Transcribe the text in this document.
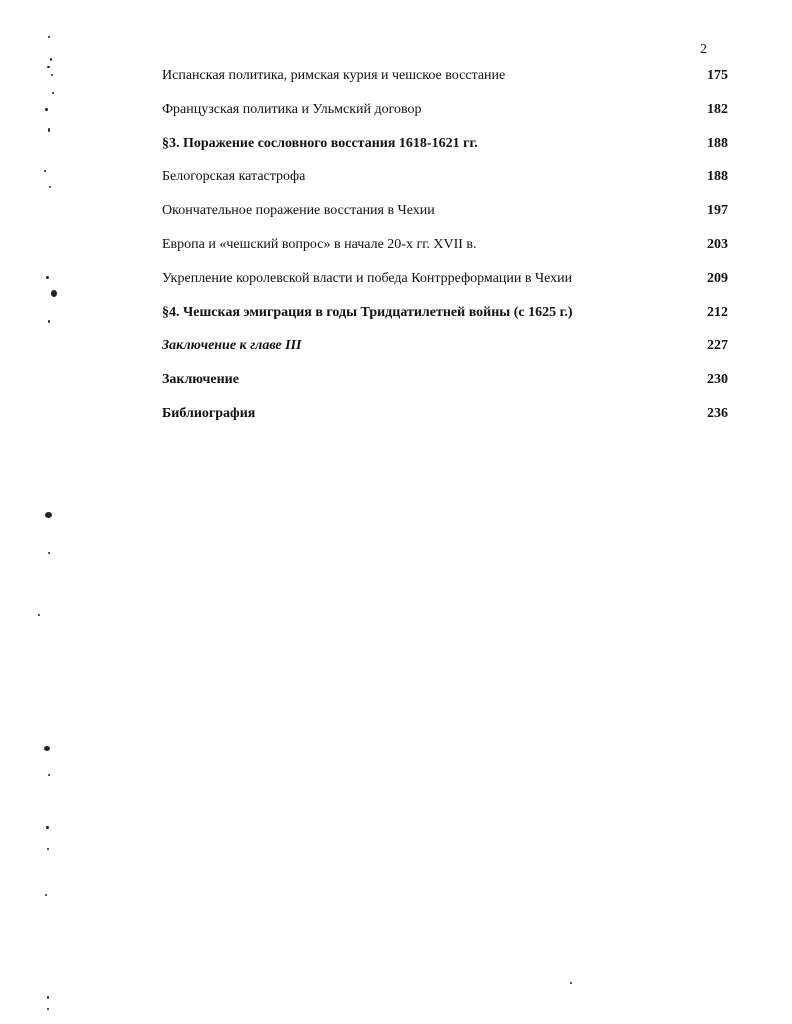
2
Испанская политика, римская курия и чешское восстание	175
Французская политика и Ульмский договор	182
§3. Поражение сословного восстания 1618-1621 гг.	188
Белогорская катастрофа	188
Окончательное поражение восстания в Чехии	197
Европа и «чешский вопрос» в начале 20-х гг. XVII в.	203
Укрепление королевской власти и победа Контрреформации в Чехии	209
§4. Чешская эмиграция в годы Тридцатилетней войны (с 1625 г.)	212
Заключение к главе III	227
Заключение	230
Библиография	236
